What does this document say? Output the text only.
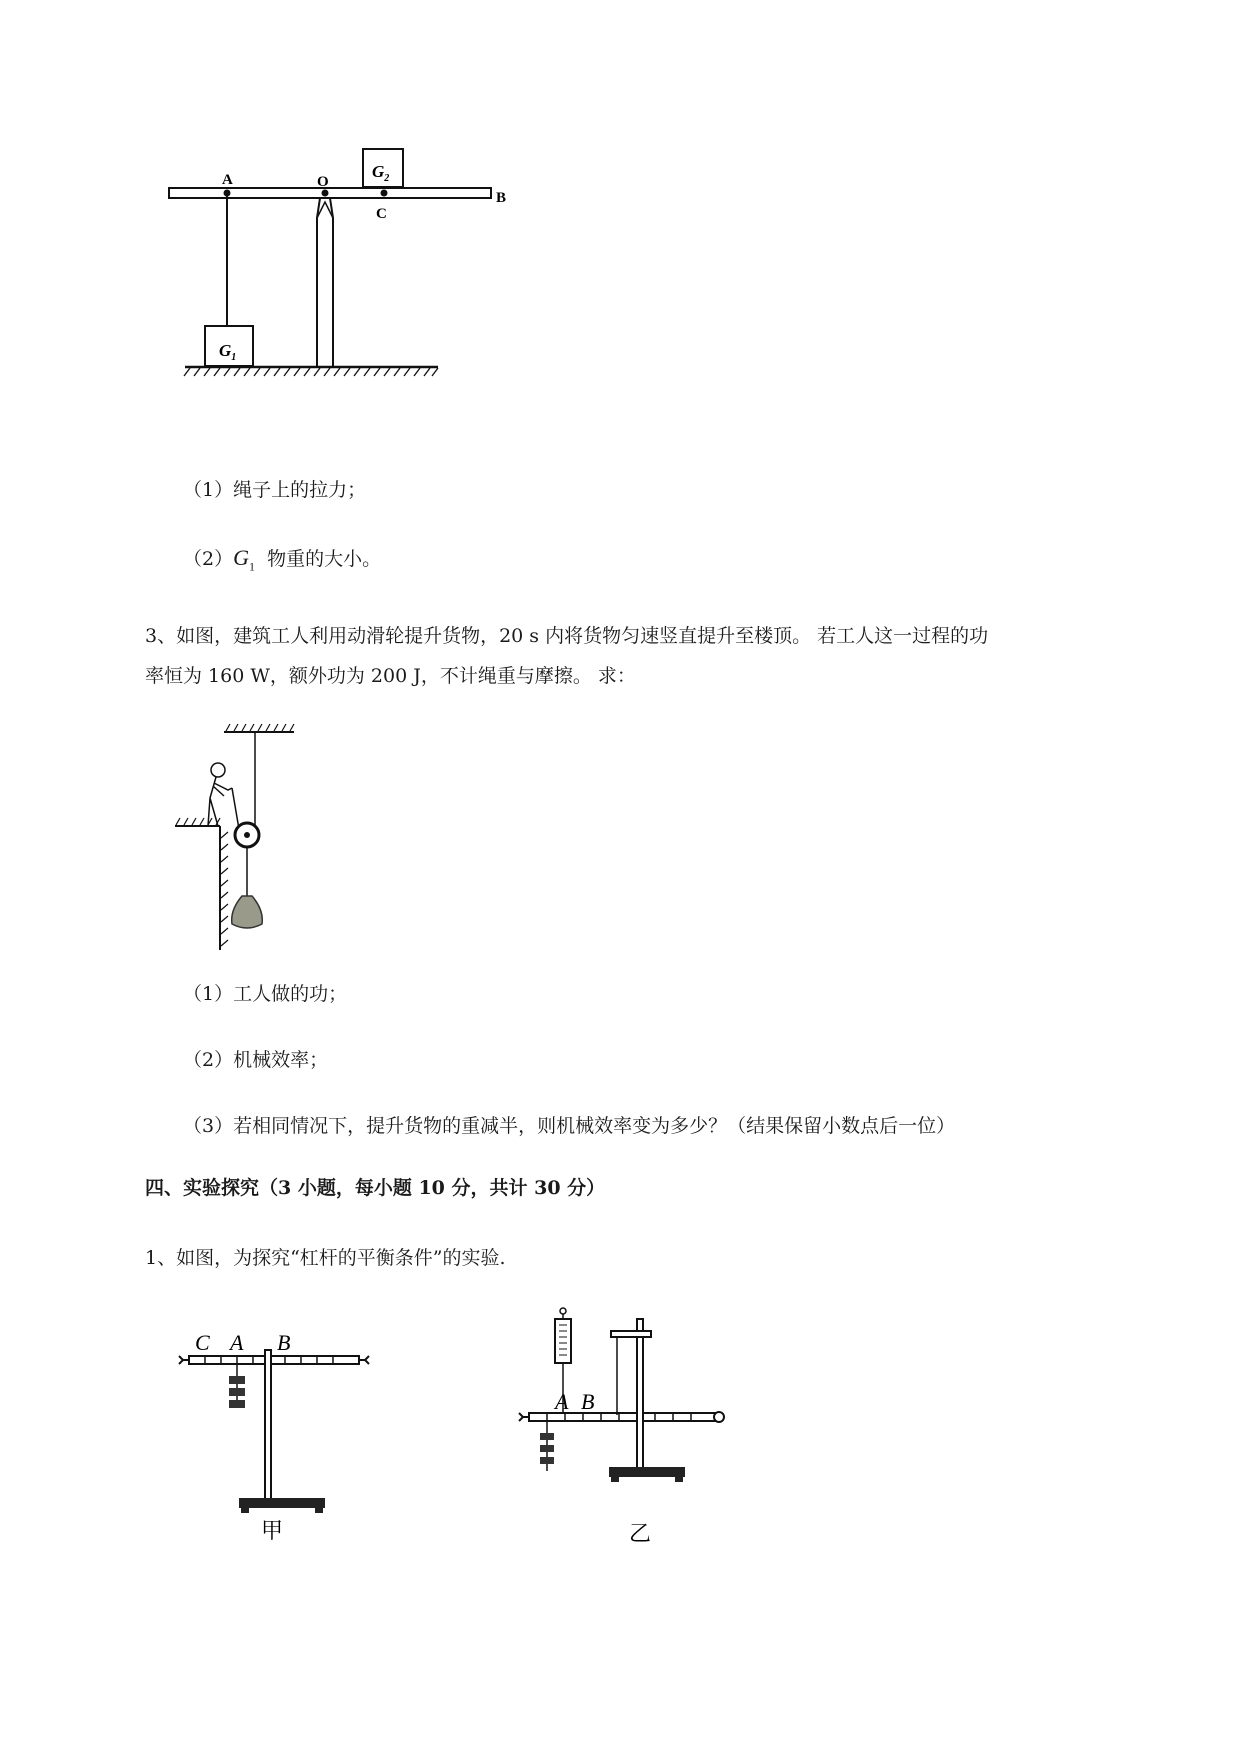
A	O
B
C
$G_2$
$G_1$
（1）绳子上的拉力；
$(2)G_1$ 物重的大小。
3、如图，建筑工人利用动滑轮提升货物，20 s 内将货物匀速竖直提升至楼顶。 若工人这一过程的功
率恒为 160 W，额外功为 200 J，不计绳重与摩擦。 求：
（1）工人做的功；
（2）机械效率；
（3）若相同情况下，提升货物的重减半，则机械效率变为多少？（结果保留小数点后一位）
四、实验探究（3 小题，每小题 10 分，共计 30 分）
1、如图，为探究“杠杆的平衡条件”的实验.
C A B
甲
A B
乙
